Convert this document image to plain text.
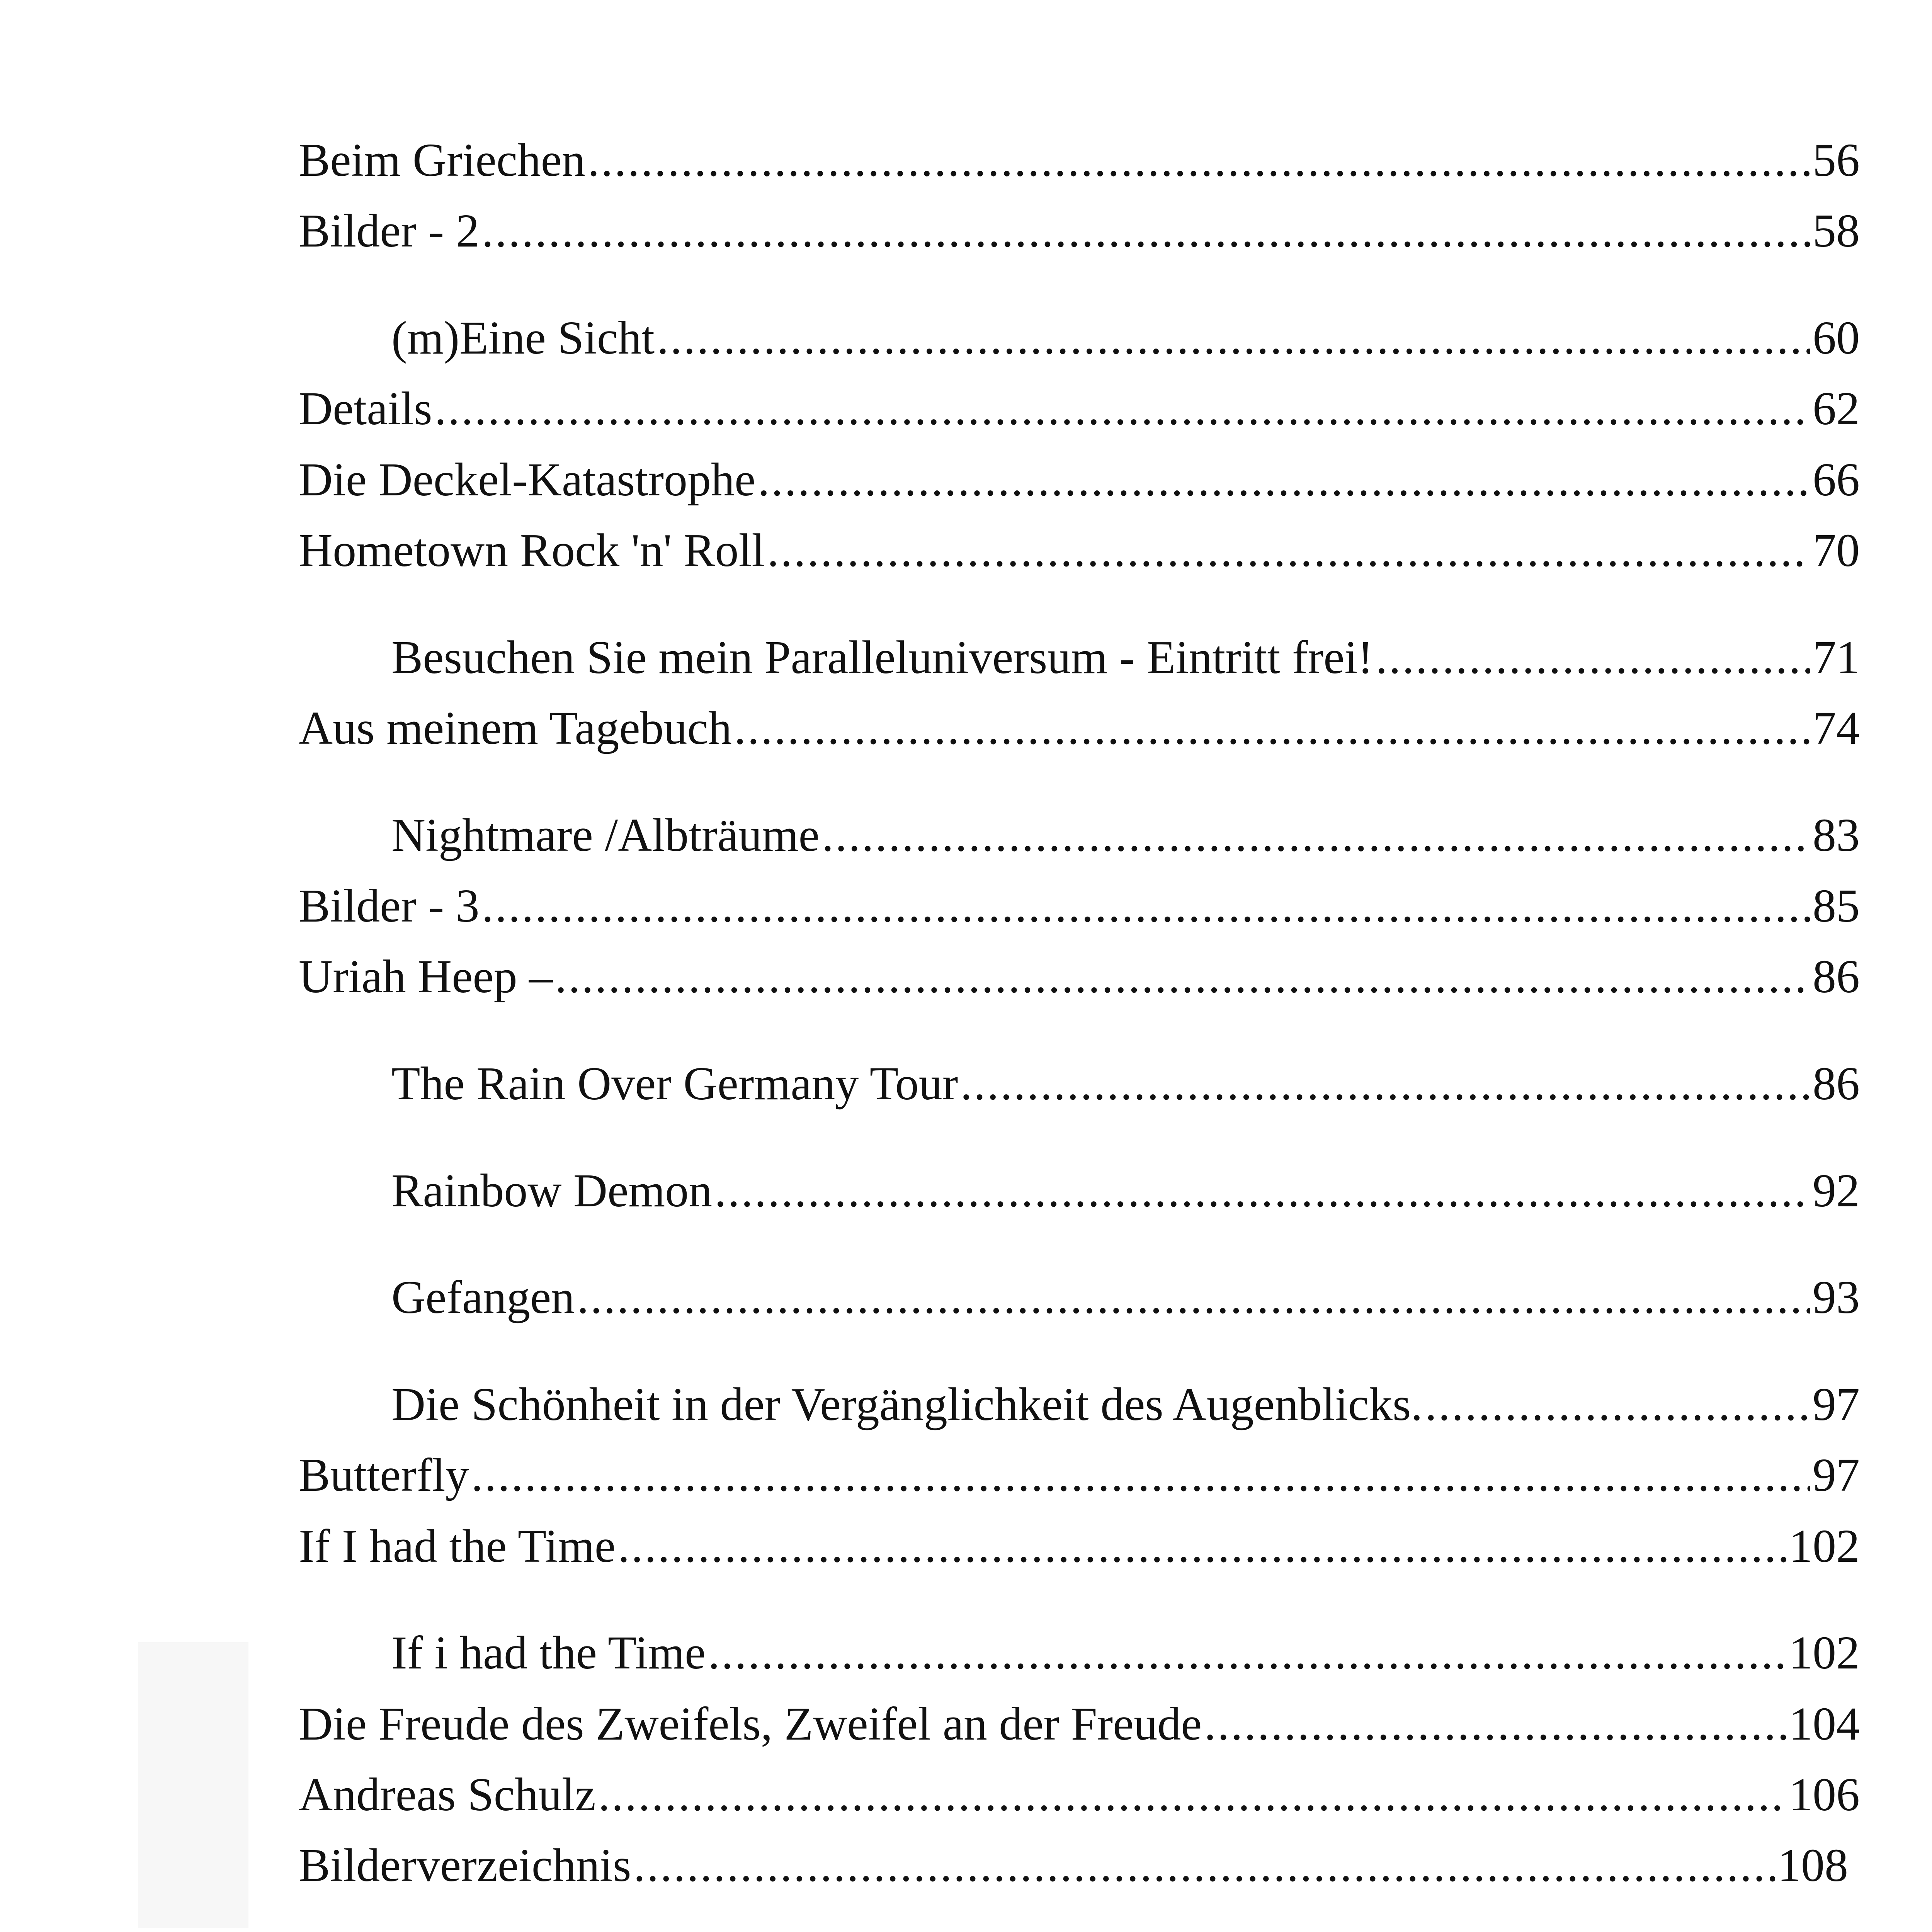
Beim Griechen .....	56
Bilder - 2 .....	58
(m)Eine Sicht .....	60
Details .....	62
Die Deckel-Katastrophe .....	66
Hometown Rock 'n' Roll .....	70
Besuchen Sie mein Paralleluniversum - Eintritt frei! .....	71
Aus meinem Tagebuch .....	74
Nightmare /Albträume .....	83
Bilder - 3 .....	85
Uriah Heep – .....	86
The Rain Over Germany Tour .....	86
Rainbow Demon .....	92
Gefangen .....	93
Die Schönheit in der Vergänglichkeit des Augenblicks. .....	97
Butterfly .....	97
If I had the Time .....	102
If i had the Time .....	102
Die Freude des Zweifels, Zweifel an der Freude .....	104
Andreas Schulz .....	106
Bilderverzeichnis .....	108
